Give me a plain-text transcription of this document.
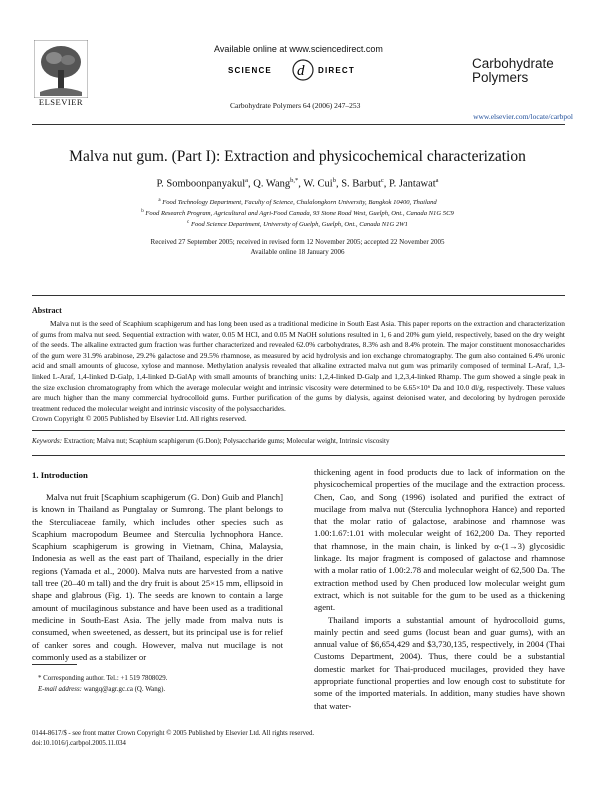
ELSEVIER
Available online at www.sciencedirect.com
SCIENCE d DIRECT
Carbohydrate Polymers 64 (2006) 247–253
Carbohydrate
Polymers
www.elsevier.com/locate/carbpol
Malva nut gum. (Part I): Extraction and physicochemical characterization
P. Somboonpanyakul$^a$, Q. Wang$^{b,*}$, W. Cui$^b$, S. Barbut$^c$, P. Jantawat$^a$
$^a$ Food Technology Department, Faculty of Science, Chulalongkorn University, Bangkok 10400, Thailand
$^b$ Food Research Program, Agricultural and Agri-Food Canada, 93 Stone Road West, Guelph, Ont., Canada N1G 5C9
$^c$ Food Science Department, University of Guelph, Guelph, Ont., Canada N1G 2W1
Received 27 September 2005; received in revised form 12 November 2005; accepted 22 November 2005
Available online 18 January 2006
Abstract

Malva nut is the seed of Scaphium scaphigerum and has long been used as a traditional medicine in South East Asia. This paper reports on the extraction and characterization of gums from malva nut seed. Sequential extraction with water, 0.05 M HCl, and 0.05 M NaOH solutions resulted in 1, 6 and 20% gum yield, respectively, based on the dry weight of the seeds. The alkaline extracted gum fraction was further characterized and revealed 62.0% carbohydrates, 8.3% ash and 8.4% protein. The major constituent monosaccharides of the gum were 31.9% arabinose, 29.2% galactose and 29.5% rhamnose, as measured by acid hydrolysis and ion exchange chromatography. The gum also contained 6.4% uronic acid and small amounts of glucose, xylose and mannose. Methylation analysis revealed that alkaline extracted malva nut gum was primarily composed of terminal L-Araf, 1,3-linked L-Araf, 1,4-linked D-Galp, 1,4-linked D-GalAp with small amounts of branching units: 1,2,4-linked D-Galp and 1,2,3,4-linked Rhamp. The gum showed a single peak in the size exclusion chromatography from which the average molecular weight and intrinsic viscosity were determined to be 6.65×10⁶ Da and 10.0 dl/g, respectively. These values are much higher than the many commercial hydrocolloid gums. Further purification of the gums by dialysis, against deionised water, and decoloring by hydrogen peroxide treatment reduced the molecular weight and intrinsic viscosity of the polysaccharides.

Crown Copyright © 2005 Published by Elsevier Ltd. All rights reserved.
Keywords: Extraction; Malva nut; Scaphium scaphigerum (G.Don); Polysaccharide gums; Molecular weight, Intrinsic viscosity
1. Introduction

Malva nut fruit [Scaphium scaphigerum (G. Don) Guib and Planch] is known in Thailand as Pungtalay or Sumrong. The plant belongs to the Sterculiaceae family, which includes other species such as Scaphium macropodum Beumee and Sterculia lychnophora Hance. Scaphium scaphigerum is growing in Vietnam, China, Malaysia, Indonesia as well as the east part of Thailand, especially in the drier regions (Yamada et al., 2000). Malva nuts are harvested from a native tall tree (20–40 m tall) and the dry fruit is about 25×15 mm, ellipsoid in shape and glabrous (Fig. 1). The seeds are known to contain a large amount of mucilaginous substance and have been used as a traditional medicine in South-East Asia. The jelly made from malva nuts is consumed, when sweetened, as dessert, but its principal use is for relief of canker sores and cough. However, malva nut mucilage is not commonly used as a stabilizer or

thickening agent in food products due to lack of information on the physicochemical properties of the mucilage and the extraction process. Chen, Cao, and Song (1996) isolated and purified the extract of mucilage from malva nut (Sterculia lychnophora Hance) and reported that the molar ratio of galactose, arabinose and rhamnose was 1.00:1.67:1.01 with molecular weight of 162,200 Da. They reported that rhamnose, in the main chain, is linked by α-(1→3) glycosidic linkage. Its major fragment is composed of galactose and rhamnose with a molar ratio of 1.00:2.78 and molecular weight of 62,500 Da. The extraction method used by Chen produced low molecular weight gum extract, which is not suitable for the gum to be used as a thickening agent.

Thailand imports a substantial amount of hydrocolloid gums, mainly pectin and seed gums (locust bean and guar gums), with an annual value of $6,654,429 and $3,730,135, respectively, in 2004 (Thai Customs Department, 2004). Thus, there could be a substantial domestic market for Thai-produced mucilages, provided they have appropriate functional properties and low enough cost to substitute for some of the imported materials. In addition, many studies have shown that water-

* Corresponding author. Tel.: +1 519 7808029.
E-mail address: wangq@agr.gc.ca (Q. Wang).
0144-8617/$ - see front matter Crown Copyright © 2005 Published by Elsevier Ltd. All rights reserved.
doi:10.1016/j.carbpol.2005.11.034
